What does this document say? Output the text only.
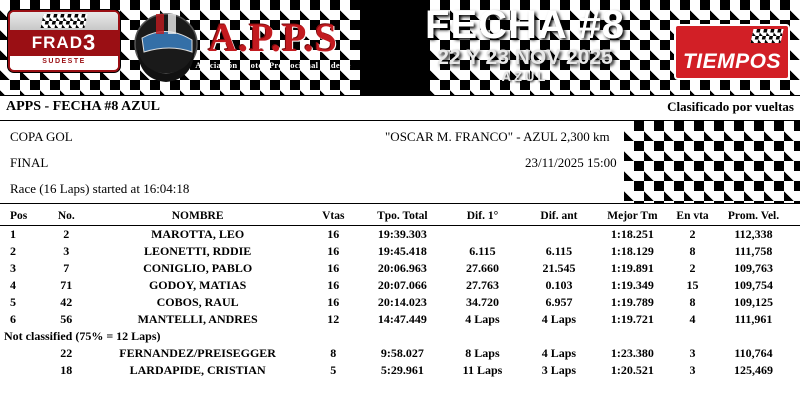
FRAD3
SUDESTE
A.P.P.S
Asociación Pilotos Promocional Sudeste
FECHA #8
22 Y 23 NOV 2025
AZUL
TIEMPOS
APPS - FECHA #8 AZUL	Clasificado por vueltas
COPA GOL	"OSCAR M. FRANCO" - AZUL 2,300 km
FINAL	23/11/2025 15:00
Race (16 Laps) started at 16:04:18
Pos	No.	NOMBRE	Vtas	Tpo. Total	Dif. 1°	Dif. ant	Mejor Tm	En vta	Prom. Vel.
1	2	MAROTTA, LEO	16	19:39.303			1:18.251	2	112,338
2	3	LEONETTI, RDDIE	16	19:45.418	6.115	6.115	1:18.129	8	111,758
3	7	CONIGLIO, PABLO	16	20:06.963	27.660	21.545	1:19.891	2	109,763
4	71	GODOY, MATIAS	16	20:07.066	27.763	0.103	1:19.349	15	109,754
5	42	COBOS, RAUL	16	20:14.023	34.720	6.957	1:19.789	8	109,125
6	56	MANTELLI, ANDRES	12	14:47.449	4 Laps	4 Laps	1:19.721	4	111,961
Not classified (75% = 12 Laps)									
	22	FERNANDEZ/PREISEGGER	8	9:58.027	8 Laps	4 Laps	1:23.380	3	110,764
	18	LARDAPIDE, CRISTIAN	5	5:29.961	11 Laps	3 Laps	1:20.521	3	125,469
